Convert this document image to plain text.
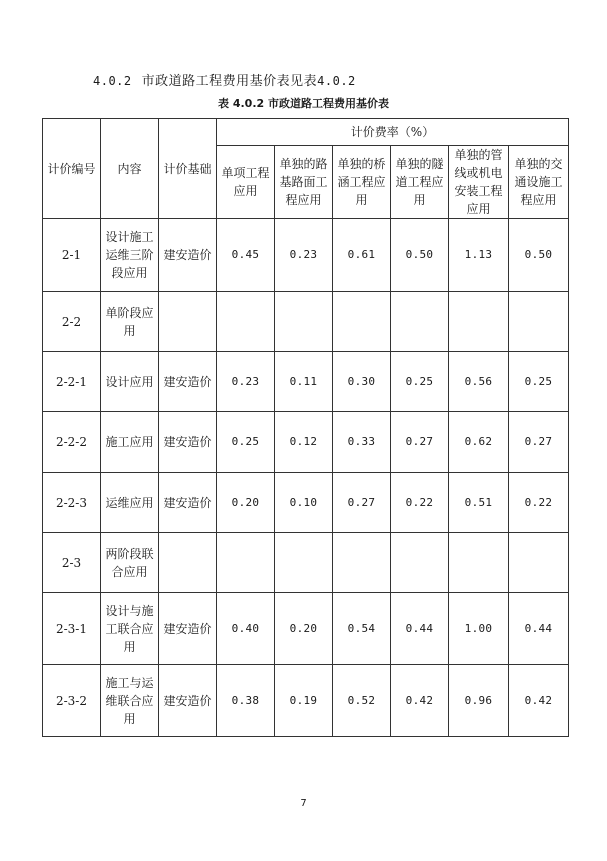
4.0.2 市政道路工程费用基价表见表4.0.2
表 4.0.2 市政道路工程费用基价表
计价编号	内容	计价基础	计价费率（%）					
			单项工程应用	单独的路基路面工程应用	单独的桥涵工程应用	单独的隧道工程应用	单独的管线或机电安装工程应用	单独的交通设施工程应用
2-1	设计施工运维三阶段应用	建安造价	0.45	0.23	0.61	0.50	1.13	0.50
2-2	单阶段应用							
2-2-1	设计应用	建安造价	0.23	0.11	0.30	0.25	0.56	0.25
2-2-2	施工应用	建安造价	0.25	0.12	0.33	0.27	0.62	0.27
2-2-3	运维应用	建安造价	0.20	0.10	0.27	0.22	0.51	0.22
2-3	两阶段联合应用							
2-3-1	设计与施工联合应用	建安造价	0.40	0.20	0.54	0.44	1.00	0.44
2-3-2	施工与运维联合应用	建安造价	0.38	0.19	0.52	0.42	0.96	0.42
7
